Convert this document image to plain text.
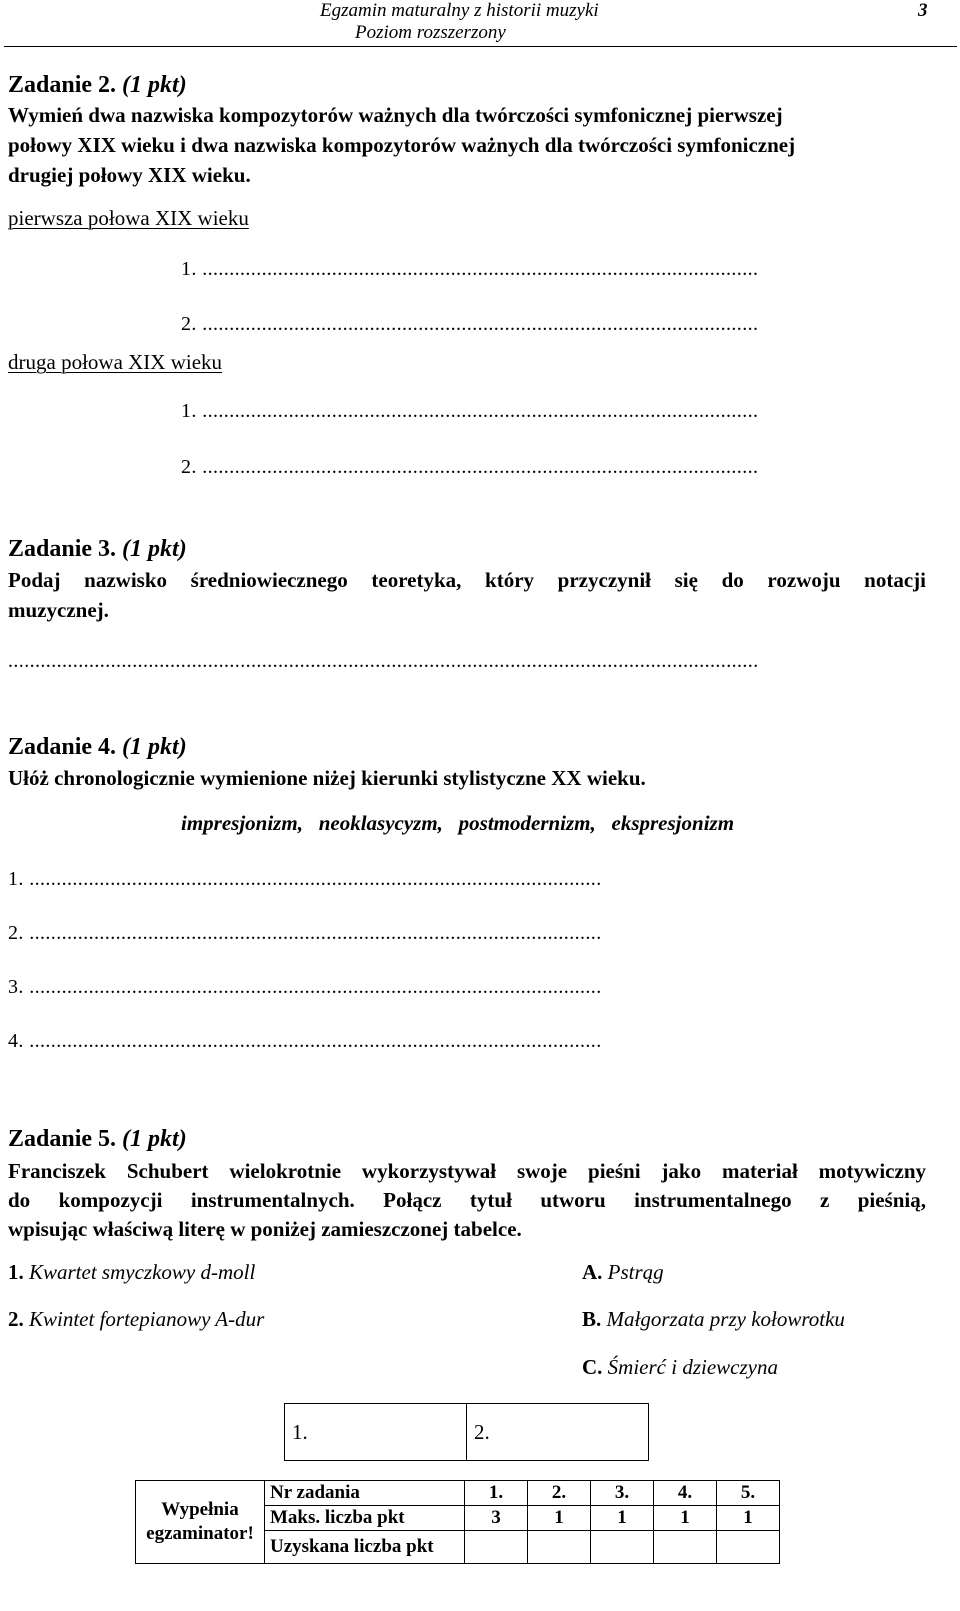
Egzamin maturalny z historii muzyki
Poziom rozszerzony
3
Zadanie 2. (1 pkt)
Wymień dwa nazwiska kompozytorów ważnych dla twórczości symfonicznej pierwszej
połowy XIX wieku i dwa nazwiska kompozytorów ważnych dla twórczości symfonicznej
drugiej połowy XIX wieku.
pierwsza połowa XIX wieku
1. .......................................................................................................
2. .......................................................................................................
druga połowa XIX wieku
1. .......................................................................................................
2. .......................................................................................................
Zadanie 3. (1 pkt)
Podaj nazwisko średniowiecznego teoretyka, który przyczynił się do rozwoju notacji
muzycznej.
...........................................................................................................................................
Zadanie 4. (1 pkt)
Ułóż chronologicznie wymienione niżej kierunki stylistyczne XX wieku.
impresjonizm,   neoklasycyzm,   postmodernizm,   ekspresjonizm
1. ..........................................................................................................
2. ..........................................................................................................
3. ..........................................................................................................
4. ..........................................................................................................
Zadanie 5. (1 pkt)
Franciszek Schubert wielokrotnie wykorzystywał swoje pieśni jako materiał motywiczny
do kompozycji instrumentalnych. Połącz tytuł utworu instrumentalnego z pieśnią,
wpisując właściwą literę w poniżej zamieszczonej tabelce.
1. Kwartet smyczkowy d-moll
2. Kwintet fortepianowy A-dur
A. Pstrąg
B. Małgorzata przy kołowrotku
C. Śmierć i dziewczyna
1.	2.
Wypełnia
egzaminator!	Nr zadania	1.	2.	3.	4.	5.
	Maks. liczba pkt	3	1	1	1	1
	Uzyskana liczba pkt					
